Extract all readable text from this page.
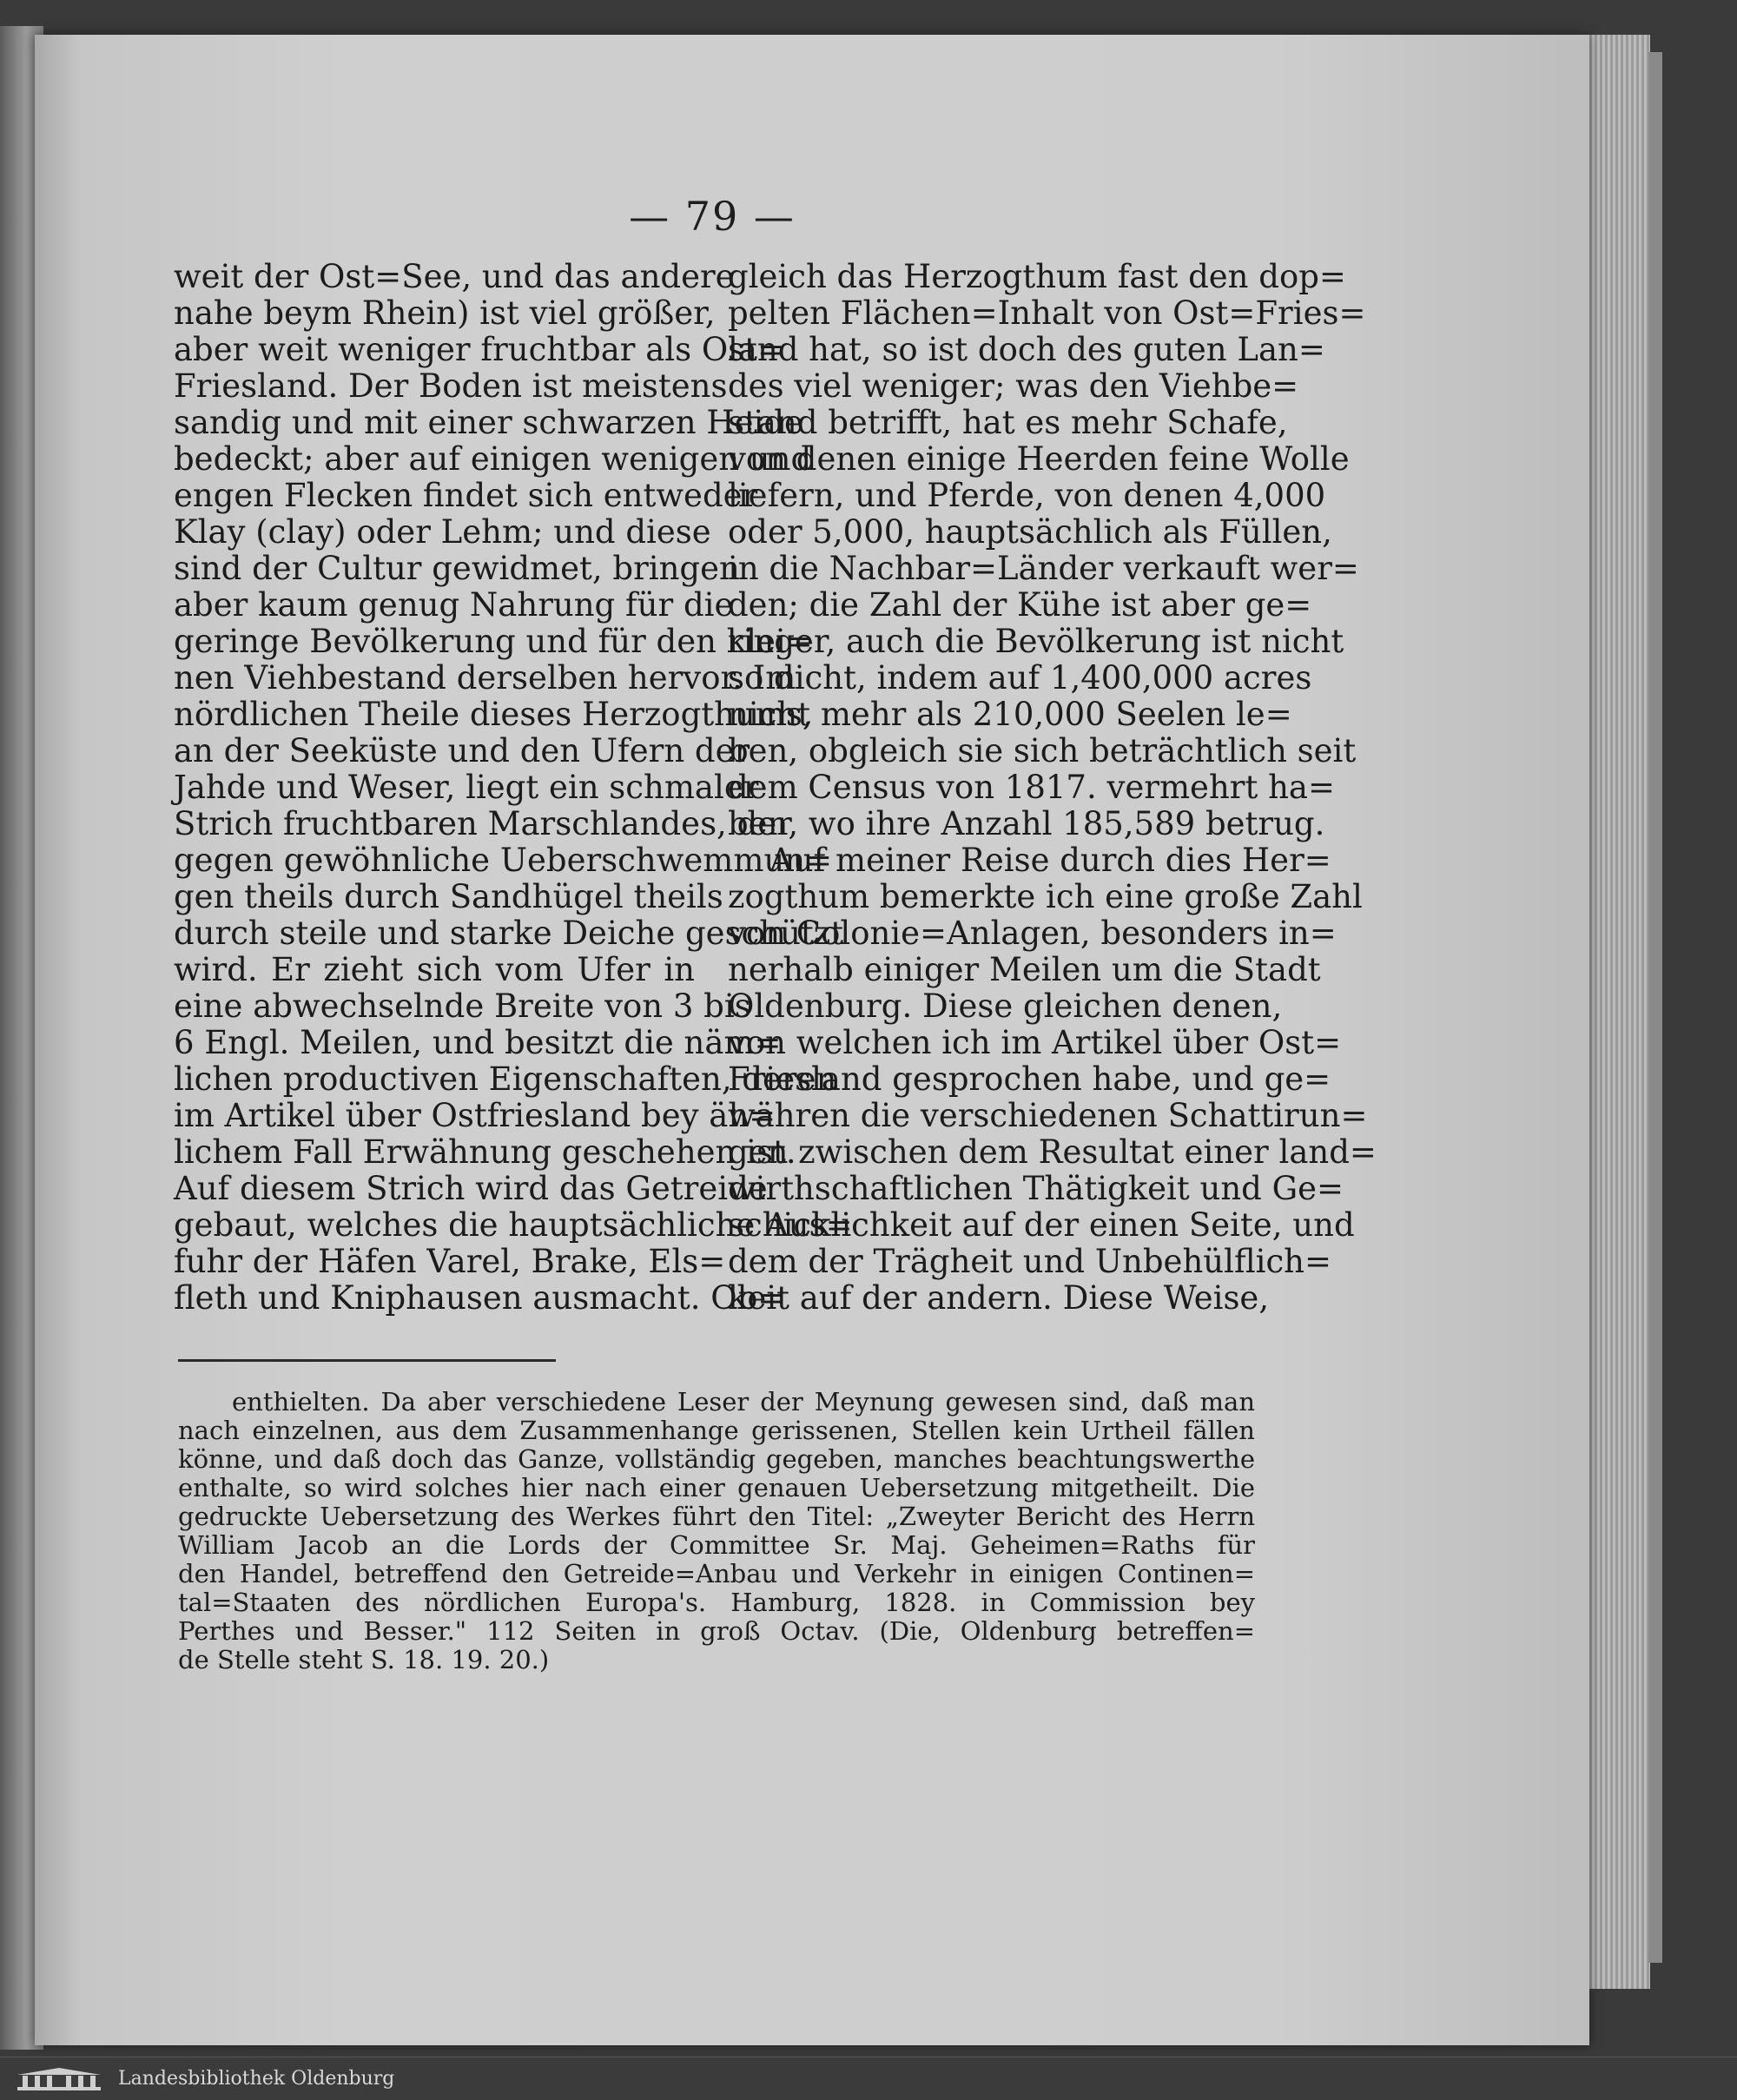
— 79 —
weit der Ost=See, und das andere
nahe beym Rhein) ist viel größer,
aber weit weniger fruchtbar als Ost=
Friesland. Der Boden ist meistens
sandig und mit einer schwarzen Heide
bedeckt; aber auf einigen wenigen und
engen Flecken findet sich entweder
Klay (clay) oder Lehm; und diese
sind der Cultur gewidmet, bringen
aber kaum genug Nahrung für die
geringe Bevölkerung und für den klei=
nen Viehbestand derselben hervor. Im
nördlichen Theile dieses Herzogthums,
an der Seeküste und den Ufern der
Jahde und Weser, liegt ein schmaler
Strich fruchtbaren Marschlandes, der
gegen gewöhnliche Ueberschwemmun=
gen theils durch Sandhügel theils
durch steile und starke Deiche geschützt
wird. Er zieht sich vom Ufer in
eine abwechselnde Breite von 3 bis
6 Engl. Meilen, und besitzt die näm=
lichen productiven Eigenschaften, deren
im Artikel über Ostfriesland bey äh=
lichem Fall Erwähnung geschehen ist.
Auf diesem Strich wird das Getreide
gebaut, welches die hauptsächliche Aus=
fuhr der Häfen Varel, Brake, Els=
fleth und Kniphausen ausmacht. Ob=
gleich das Herzogthum fast den dop=
pelten Flächen=Inhalt von Ost=Fries=
land hat, so ist doch des guten Lan=
des viel weniger; was den Viehbe=
stand betrifft, hat es mehr Schafe,
von denen einige Heerden feine Wolle
liefern, und Pferde, von denen 4,000
oder 5,000, hauptsächlich als Füllen,
in die Nachbar=Länder verkauft wer=
den; die Zahl der Kühe ist aber ge=
ringer, auch die Bevölkerung ist nicht
so dicht, indem auf 1,400,000 acres
nicht mehr als 210,000 Seelen le=
ben, obgleich sie sich beträchtlich seit
dem Census von 1817. vermehrt ha=
ben, wo ihre Anzahl 185,589 betrug.
Auf meiner Reise durch dies Her=
zogthum bemerkte ich eine große Zahl
von Colonie=Anlagen, besonders in=
nerhalb einiger Meilen um die Stadt
Oldenburg. Diese gleichen denen,
von welchen ich im Artikel über Ost=
Friesland gesprochen habe, und ge=
währen die verschiedenen Schattirun=
gen zwischen dem Resultat einer land=
wirthschaftlichen Thätigkeit und Ge=
schicklichkeit auf der einen Seite, und
dem der Trägheit und Unbehülflich=
keit auf der andern. Diese Weise,
enthielten. Da aber verschiedene Leser der Meynung gewesen sind, daß man
nach einzelnen, aus dem Zusammenhange gerissenen, Stellen kein Urtheil fällen
könne, und daß doch das Ganze, vollständig gegeben, manches beachtungswerthe
enthalte, so wird solches hier nach einer genauen Uebersetzung mitgetheilt. Die
gedruckte Uebersetzung des Werkes führt den Titel: „Zweyter Bericht des Herrn
William Jacob an die Lords der Committee Sr. Maj. Geheimen=Raths für
den Handel, betreffend den Getreide=Anbau und Verkehr in einigen Continen=
tal=Staaten des nördlichen Europa's. Hamburg, 1828. in Commission bey
Perthes und Besser." 112 Seiten in groß Octav. (Die, Oldenburg betreffen=
de Stelle steht S. 18. 19. 20.)
Landesbibliothek Oldenburg
